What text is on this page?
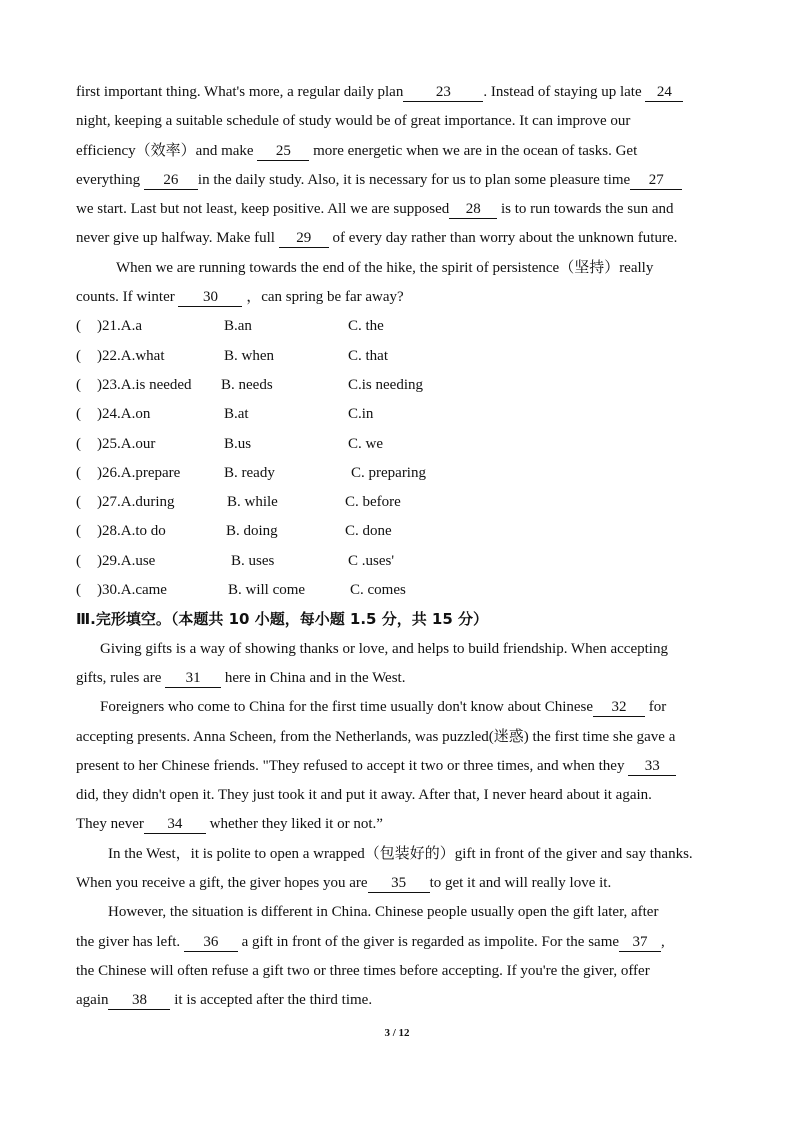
first important thing. What's more, a regular daily plan 23 . Instead of staying up late 24
night, keeping a suitable schedule of study would be of great importance. It can improve our
efficiency（效率）and make 25 more energetic when we are in the ocean of tasks. Get
everything 26 in the daily study. Also, it is necessary for us to plan some pleasure time 27
we start. Last but not least, keep positive. All we are supposed 28 is to run towards the sun and
never give up halfway. Make full 29 of every day rather than worry about the unknown future.
When we are running towards the end of the hike, the spirit of persistence（坚持）really
counts. If winter 30 ，can spring be far away?
( )21.A.a	B.an	C. the
( )22.A.what	B. when	C. that
( )23.A.is needed B. needs	C.is needing
( )24.A.on	B.at	C.in
( )25.A.our	B.us	C. we
( )26.A.prepare	B. ready	C. preparing
( )27.A.during	B. while	C. before
( )28.A.to do	B. doing	C. done
( )29.A.use	B. uses	C .uses'
( )30.A.came	B. will come	C. comes
Ⅲ.完形填空。（本题共 10 小题，每小题 1.5 分，共 15 分）
Giving gifts is a way of showing thanks or love, and helps to build friendship. When accepting
gifts, rules are 31 here in China and in the West.
Foreigners who come to China for the first time usually don't know about Chinese 32 for
accepting presents. Anna Scheen, from the Netherlands, was puzzled(迷惑) the first time she gave a
present to her Chinese friends. "They refused to accept it two or three times, and when they 33
did, they didn't open it. They just took it and put it away. After that, I never heard about it again.
They never 34 whether they liked it or not.”
In the West，it is polite to open a wrapped（包装好的）gift in front of the giver and say thanks.
When you receive a gift, the giver hopes you are 35 to get it and will really love it.
However, the situation is different in China. Chinese people usually open the gift later, after
the giver has left. 36 a gift in front of the giver is regarded as impolite. For the same 37 ,
the Chinese will often refuse a gift two or three times before accepting. If you're the giver, offer
again 38 it is accepted after the third time.
3 / 12
